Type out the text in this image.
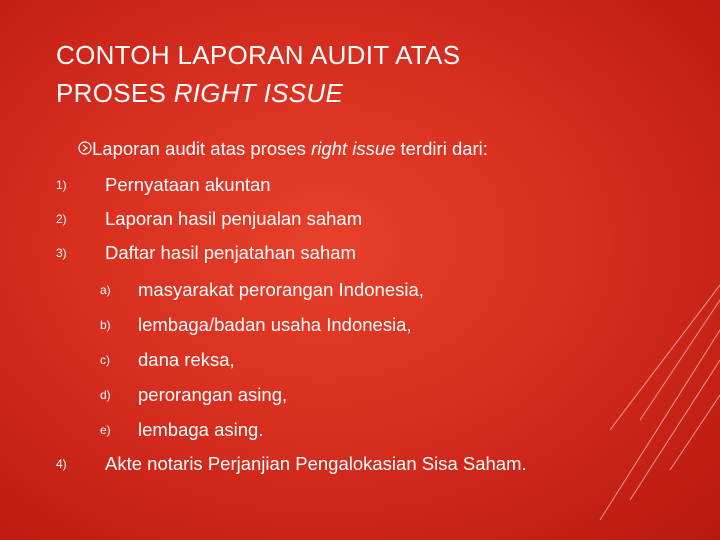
CONTOH LAPORAN AUDIT ATAS
PROSES RIGHT ISSUE
Laporan audit atas proses right issue terdiri dari:
1) Pernyataan akuntan
2) Laporan hasil penjualan saham
3) Daftar hasil penjatahan saham
a) masyarakat perorangan Indonesia,
b) lembaga/badan usaha Indonesia,
c) dana reksa,
d) perorangan asing,
e) lembaga asing.
4) Akte notaris Perjanjian Pengalokasian Sisa Saham.
